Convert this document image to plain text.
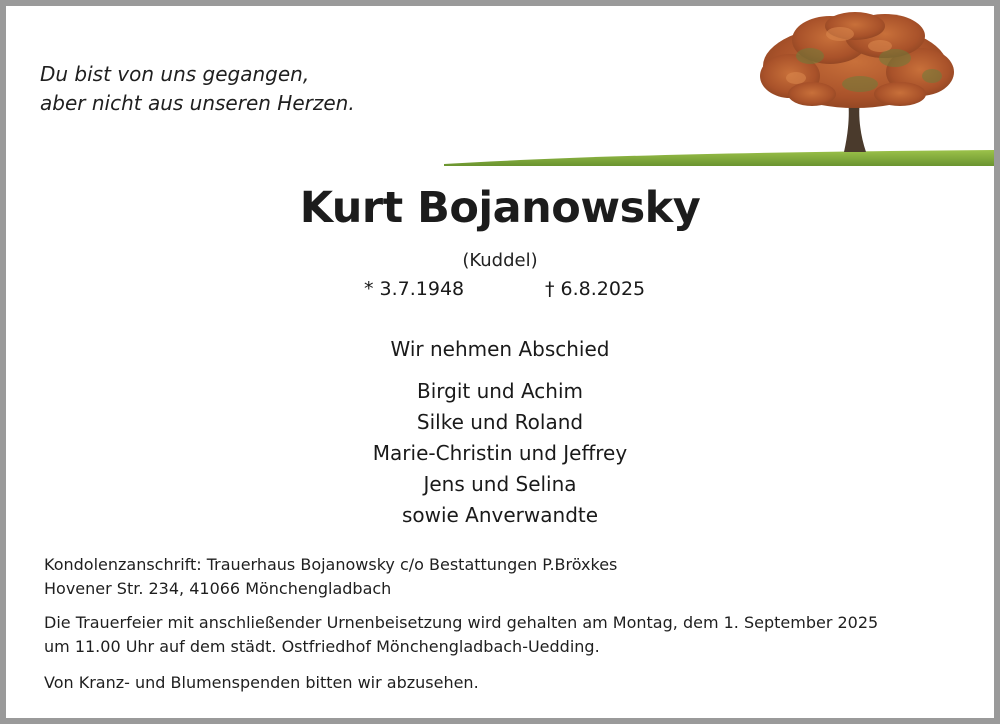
Du bist von uns gegangen,
aber nicht aus unseren Herzen.
Kurt Bojanowsky
(Kuddel)
* 3.7.1948	† 6.8.2025
Wir nehmen Abschied
Birgit und Achim
Silke und Roland
Marie-Christin und Jeffrey
Jens und Selina
sowie Anverwandte
Kondolenzanschrift: Trauerhaus Bojanowsky c/o Bestattungen P.Bröxkes
Hovener Str. 234, 41066 Mönchengladbach
Die Trauerfeier mit anschließender Urnenbeisetzung wird gehalten am Montag, dem 1. September 2025
um 11.00 Uhr auf dem städt. Ostfriedhof Mönchengladbach-Uedding.
Von Kranz- und Blumenspenden bitten wir abzusehen.
